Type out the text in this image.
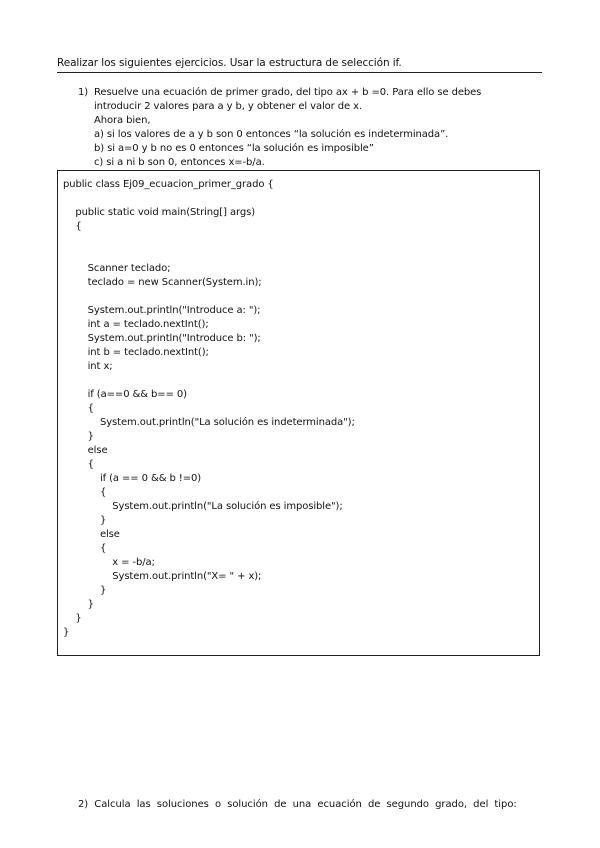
Realizar los siguientes ejercicios. Usar la estructura de selección if.
1) Resuelve una ecuación de primer grado, del tipo ax + b =0. Para ello se debes
introducir 2 valores para a y b, y obtener el valor de x.
Ahora bien,
a) si los valores de a y b son 0 entonces “la solución es indeterminada”.
b) si a=0 y b no es 0 entonces “la solución es imposible”
c) si a ni b son 0, entonces x=-b/a.
public class Ej09_ecuacion_primer_grado {
public static void main(String[] args)
{
Scanner teclado;
teclado = new Scanner(System.in);
System.out.println("Introduce a: ");
int a = teclado.nextInt();
System.out.println("Introduce b: ");
int b = teclado.nextInt();
int x;
if (a==0 && b== 0)
{
System.out.println("La solución es indeterminada");
}
else
{
if (a == 0 && b !=0)
{
System.out.println("La solución es imposible");
}
else
{
x = -b/a;
System.out.println("X= " + x);
}
}
}
}
2) Calcula las soluciones o solución de una ecuación de segundo grado, del tipo:
